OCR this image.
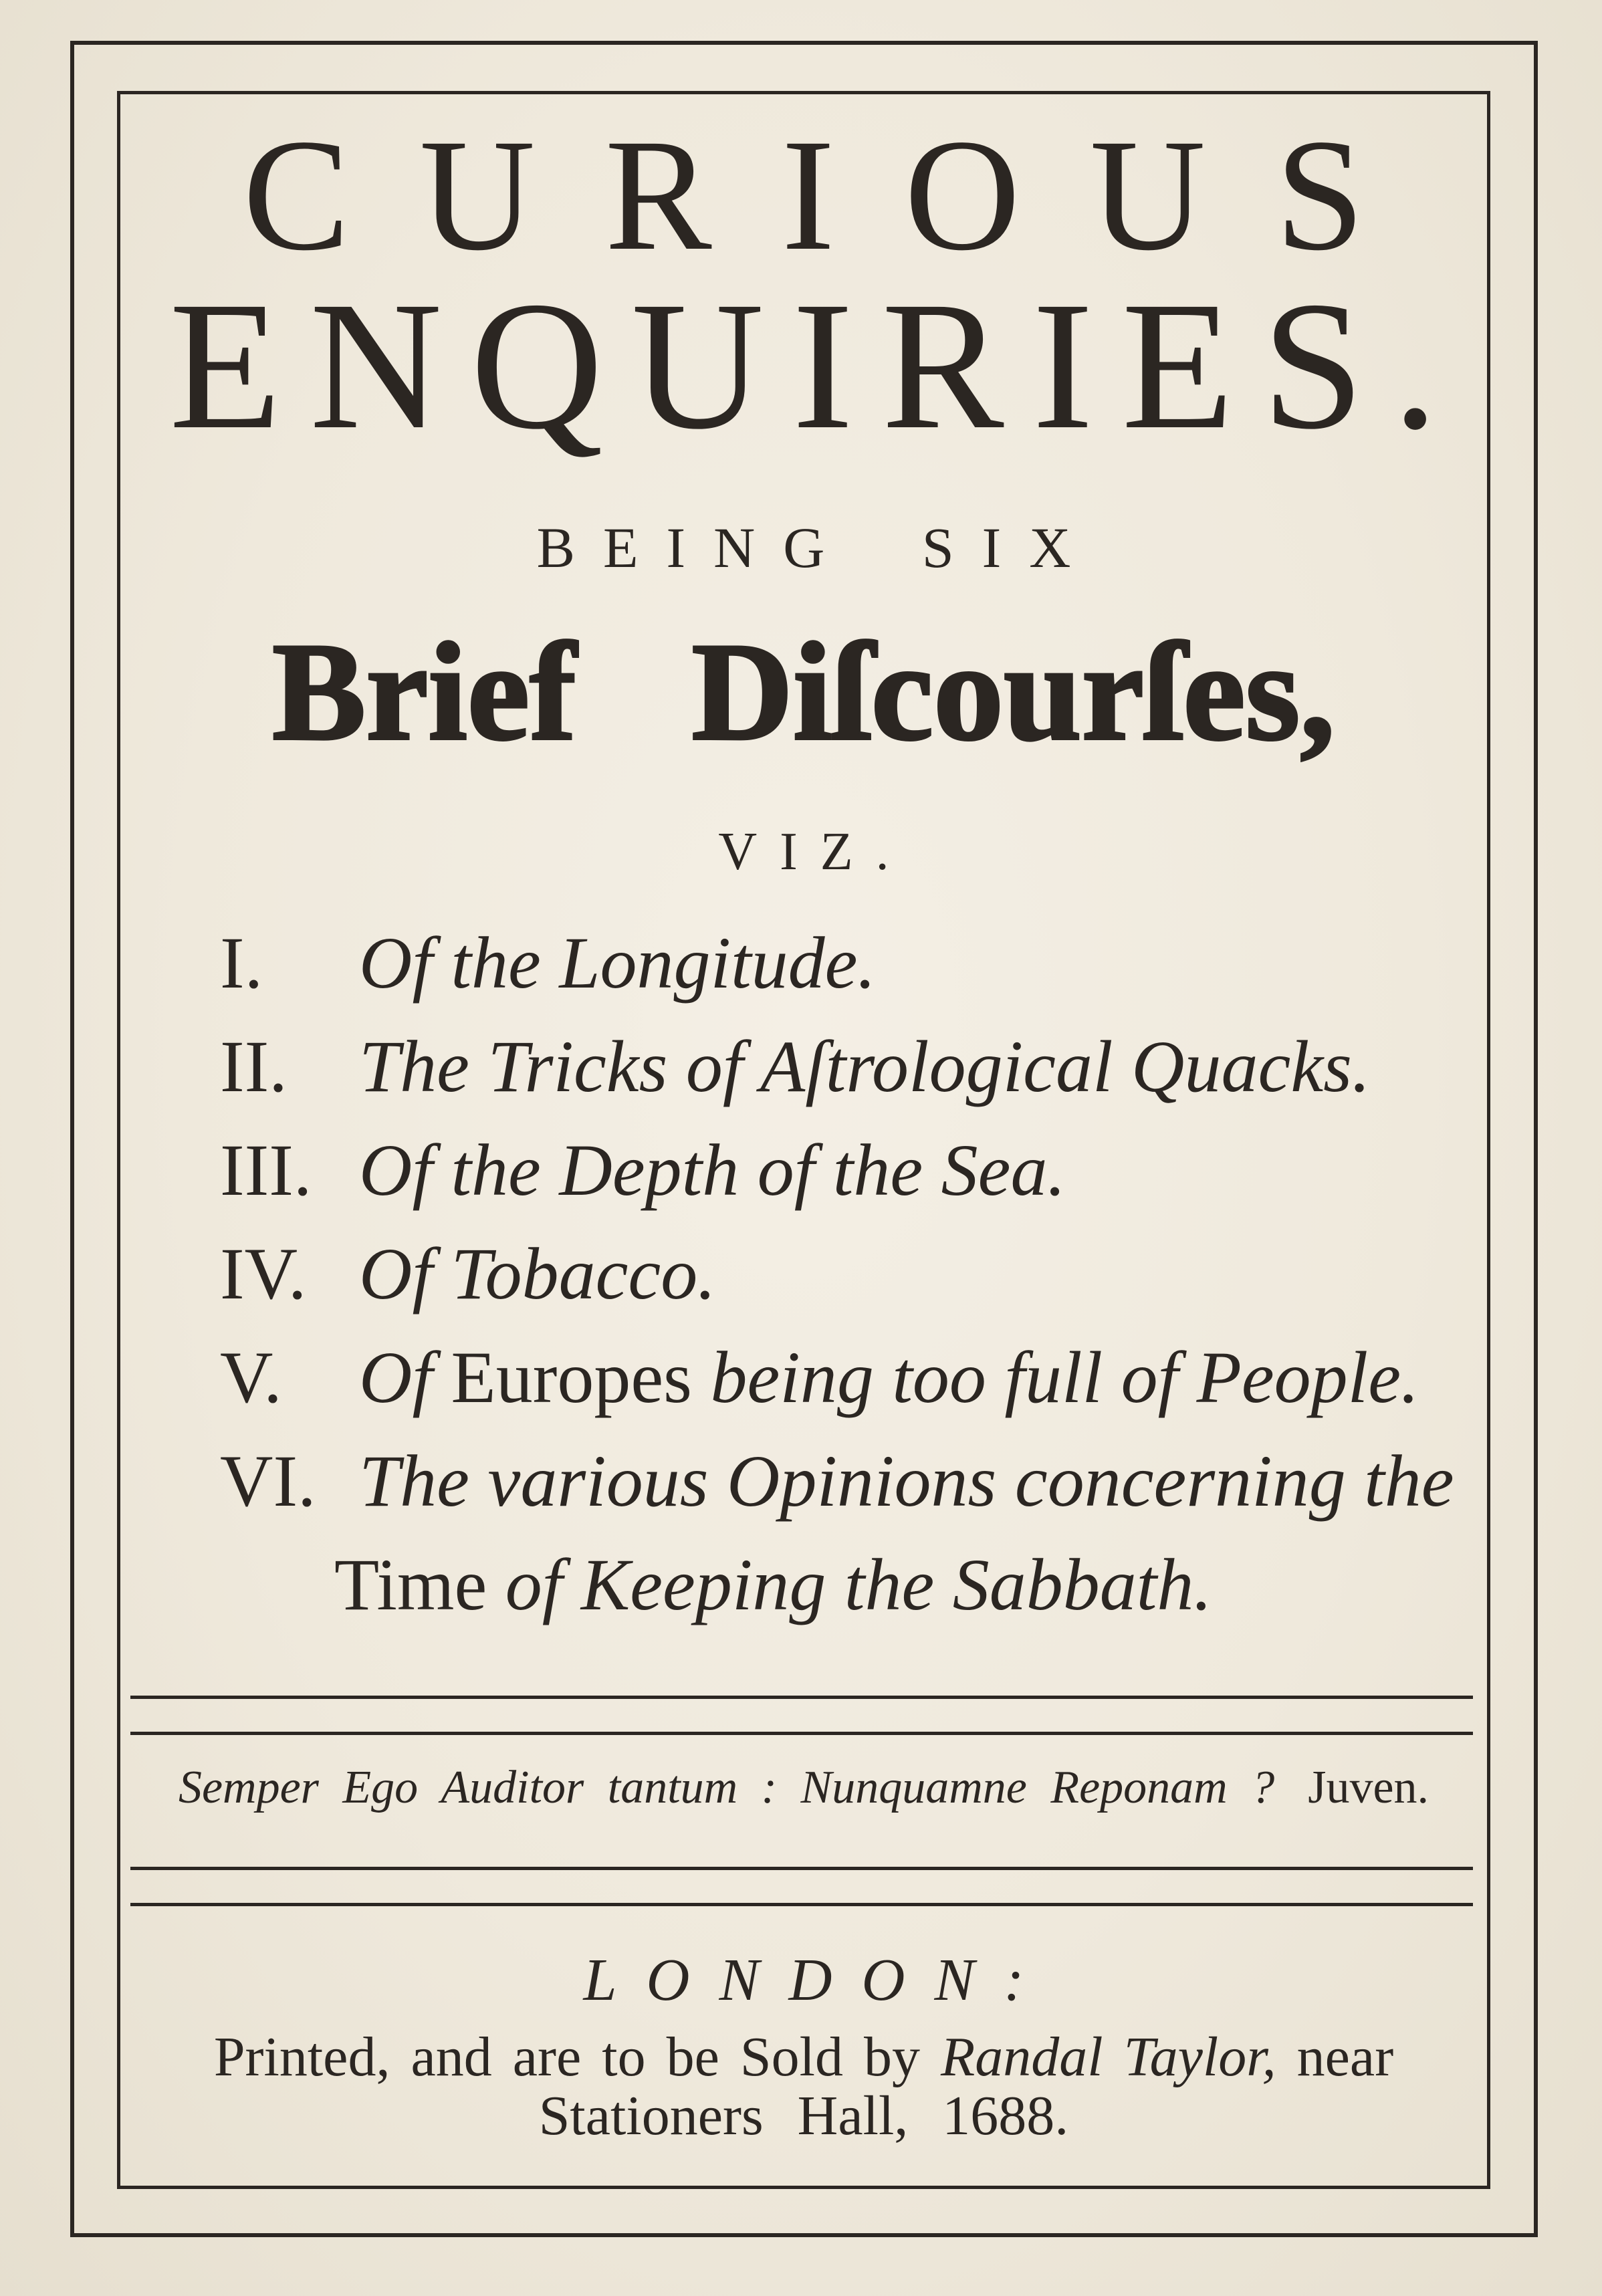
CURIOUS
ENQUIRIES.
BEING SIX
Brief Diſcourſes,
VIZ.
I. Of the Longitude.
II. The Tricks of Aſtrological Quacks.
III. Of the Depth of the Sea.
IV. Of Tobacco.
V. Of Europes being too full of People.
VI. The various Opinions concerning the
Time of Keeping the Sabbath.
Semper Ego Auditor tantum : Nunquamne Reponam ? Juven.
LONDON:
Printed, and are to be Sold by Randal Taylor, near
Stationers Hall, 1688.
